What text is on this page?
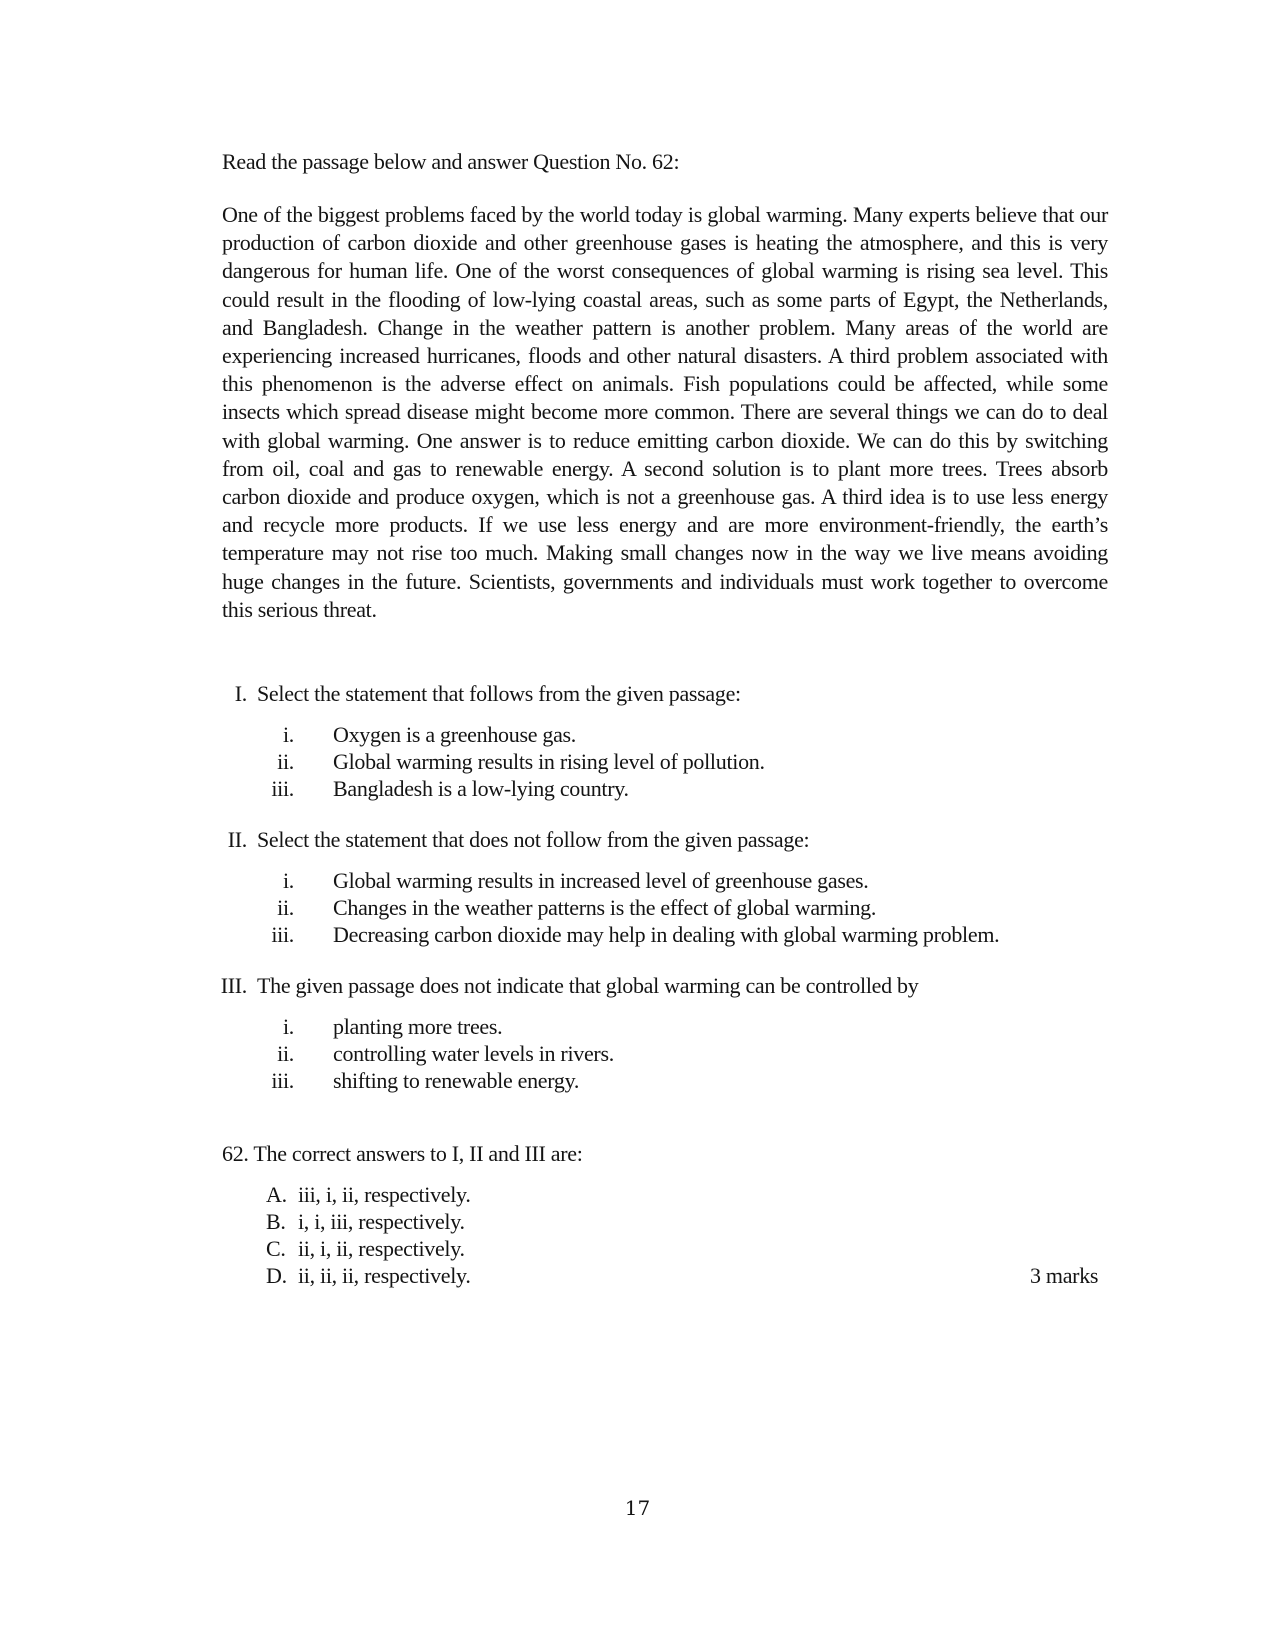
Read the passage below and answer Question No. 62:
One of the biggest problems faced by the world today is global warming. Many experts believe that our production of carbon dioxide and other greenhouse gases is heating the atmosphere, and this is very dangerous for human life. One of the worst consequences of global warming is rising sea level. This could result in the flooding of low-lying coastal areas, such as some parts of Egypt, the Netherlands, and Bangladesh. Change in the weather pattern is another problem. Many areas of the world are experiencing increased hurricanes, floods and other natural disasters. A third problem associated with this phenomenon is the adverse effect on animals. Fish populations could be affected, while some insects which spread disease might become more common. There are several things we can do to deal with global warming. One answer is to reduce emitting carbon dioxide. We can do this by switching from oil, coal and gas to renewable energy. A second solution is to plant more trees. Trees absorb carbon dioxide and produce oxygen, which is not a greenhouse gas. A third idea is to use less energy and recycle more products. If we use less energy and are more environment-friendly, the earth’s temperature may not rise too much. Making small changes now in the way we live means avoiding huge changes in the future. Scientists, governments and individuals must work together to overcome this serious threat.
I. Select the statement that follows from the given passage:
i. Oxygen is a greenhouse gas.
ii. Global warming results in rising level of pollution.
iii. Bangladesh is a low-lying country.
II. Select the statement that does not follow from the given passage:
i. Global warming results in increased level of greenhouse gases.
ii. Changes in the weather patterns is the effect of global warming.
iii. Decreasing carbon dioxide may help in dealing with global warming problem.
III. The given passage does not indicate that global warming can be controlled by
i. planting more trees.
ii. controlling water levels in rivers.
iii. shifting to renewable energy.
62. The correct answers to I, II and III are:
A. iii, i, ii, respectively.
B. i, i, iii, respectively.
C. ii, i, ii, respectively.
D. ii, ii, ii, respectively.	3 marks
17
